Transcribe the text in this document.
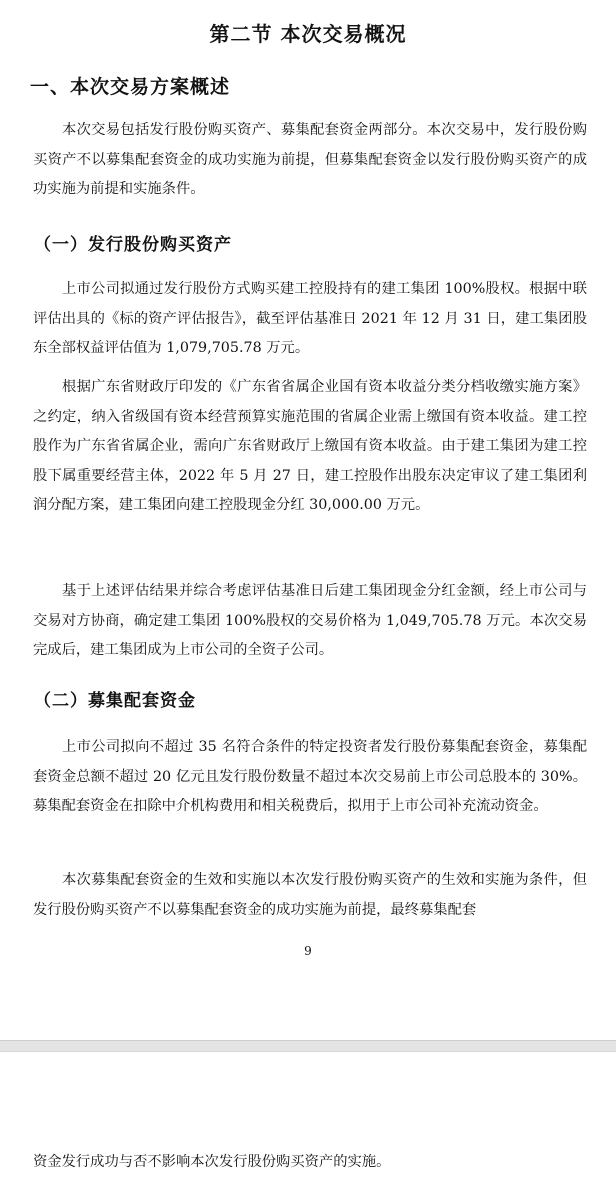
第二节 本次交易概况
一、本次交易方案概述

本次交易包括发行股份购买资产、募集配套资金两部分。本次交易中，发行股份购买资产不以募集配套资金的成功实施为前提，但募集配套资金以发行股份购买资产的成功实施为前提和实施条件。

（一）发行股份购买资产

上市公司拟通过发行股份方式购买建工控股持有的建工集团 100%股权。根据中联评估出具的《标的资产评估报告》，截至评估基准日 2021 年 12 月 31 日，建工集团股东全部权益评估值为 1,079,705.78 万元。

根据广东省财政厅印发的《广东省省属企业国有资本收益分类分档收缴实施方案》之约定，纳入省级国有资本经营预算实施范围的省属企业需上缴国有资本收益。建工控股作为广东省省属企业，需向广东省财政厅上缴国有资本收益。由于建工集团为建工控股下属重要经营主体，2022 年 5 月 27 日，建工控股作出股东决定审议了建工集团利润分配方案，建工集团向建工控股现金分红 30,000.00 万元。

基于上述评估结果并综合考虑评估基准日后建工集团现金分红金额，经上市公司与交易对方协商，确定建工集团 100%股权的交易价格为 1,049,705.78 万元。本次交易完成后，建工集团成为上市公司的全资子公司。

（二）募集配套资金

上市公司拟向不超过 35 名符合条件的特定投资者发行股份募集配套资金，募集配套资金总额不超过 20 亿元且发行股份数量不超过本次交易前上市公司总股本的 30%。募集配套资金在扣除中介机构费用和相关税费后，拟用于上市公司补充流动资金。

本次募集配套资金的生效和实施以本次发行股份购买资产的生效和实施为条件，但发行股份购买资产不以募集配套资金的成功实施为前提，最终募集配套

9

资金发行成功与否不影响本次发行股份购买资产的实施。
